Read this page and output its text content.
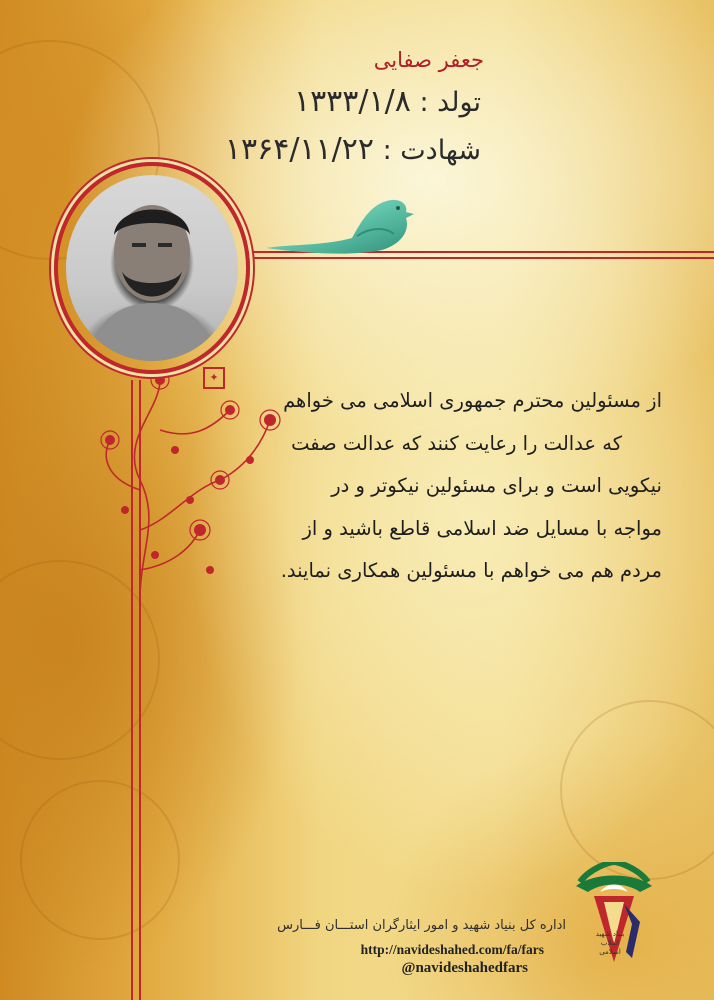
جعفر صفایی
تولد : ۱۳۳۳/۱/۸
شهادت : ۱۳۶۴/۱۱/۲۲
✦
از مسئولین محترم جمهوری اسلامی می خواهم
که عدالت را رعایت کنند که عدالت صفت
نیکویی است و برای مسئولین نیکوتر و در
مواجه با مسایل ضد اسلامی قاطع باشید و از
مردم هم می خواهم با مسئولین همکاری نمایند.
اداره کل بنیاد شهید و امور ایثارگران استـــان فـــارس
http://navideshahed.com/fa/fars
@navideshahedfars
بنیاد شهید انقلاب اسلامی
